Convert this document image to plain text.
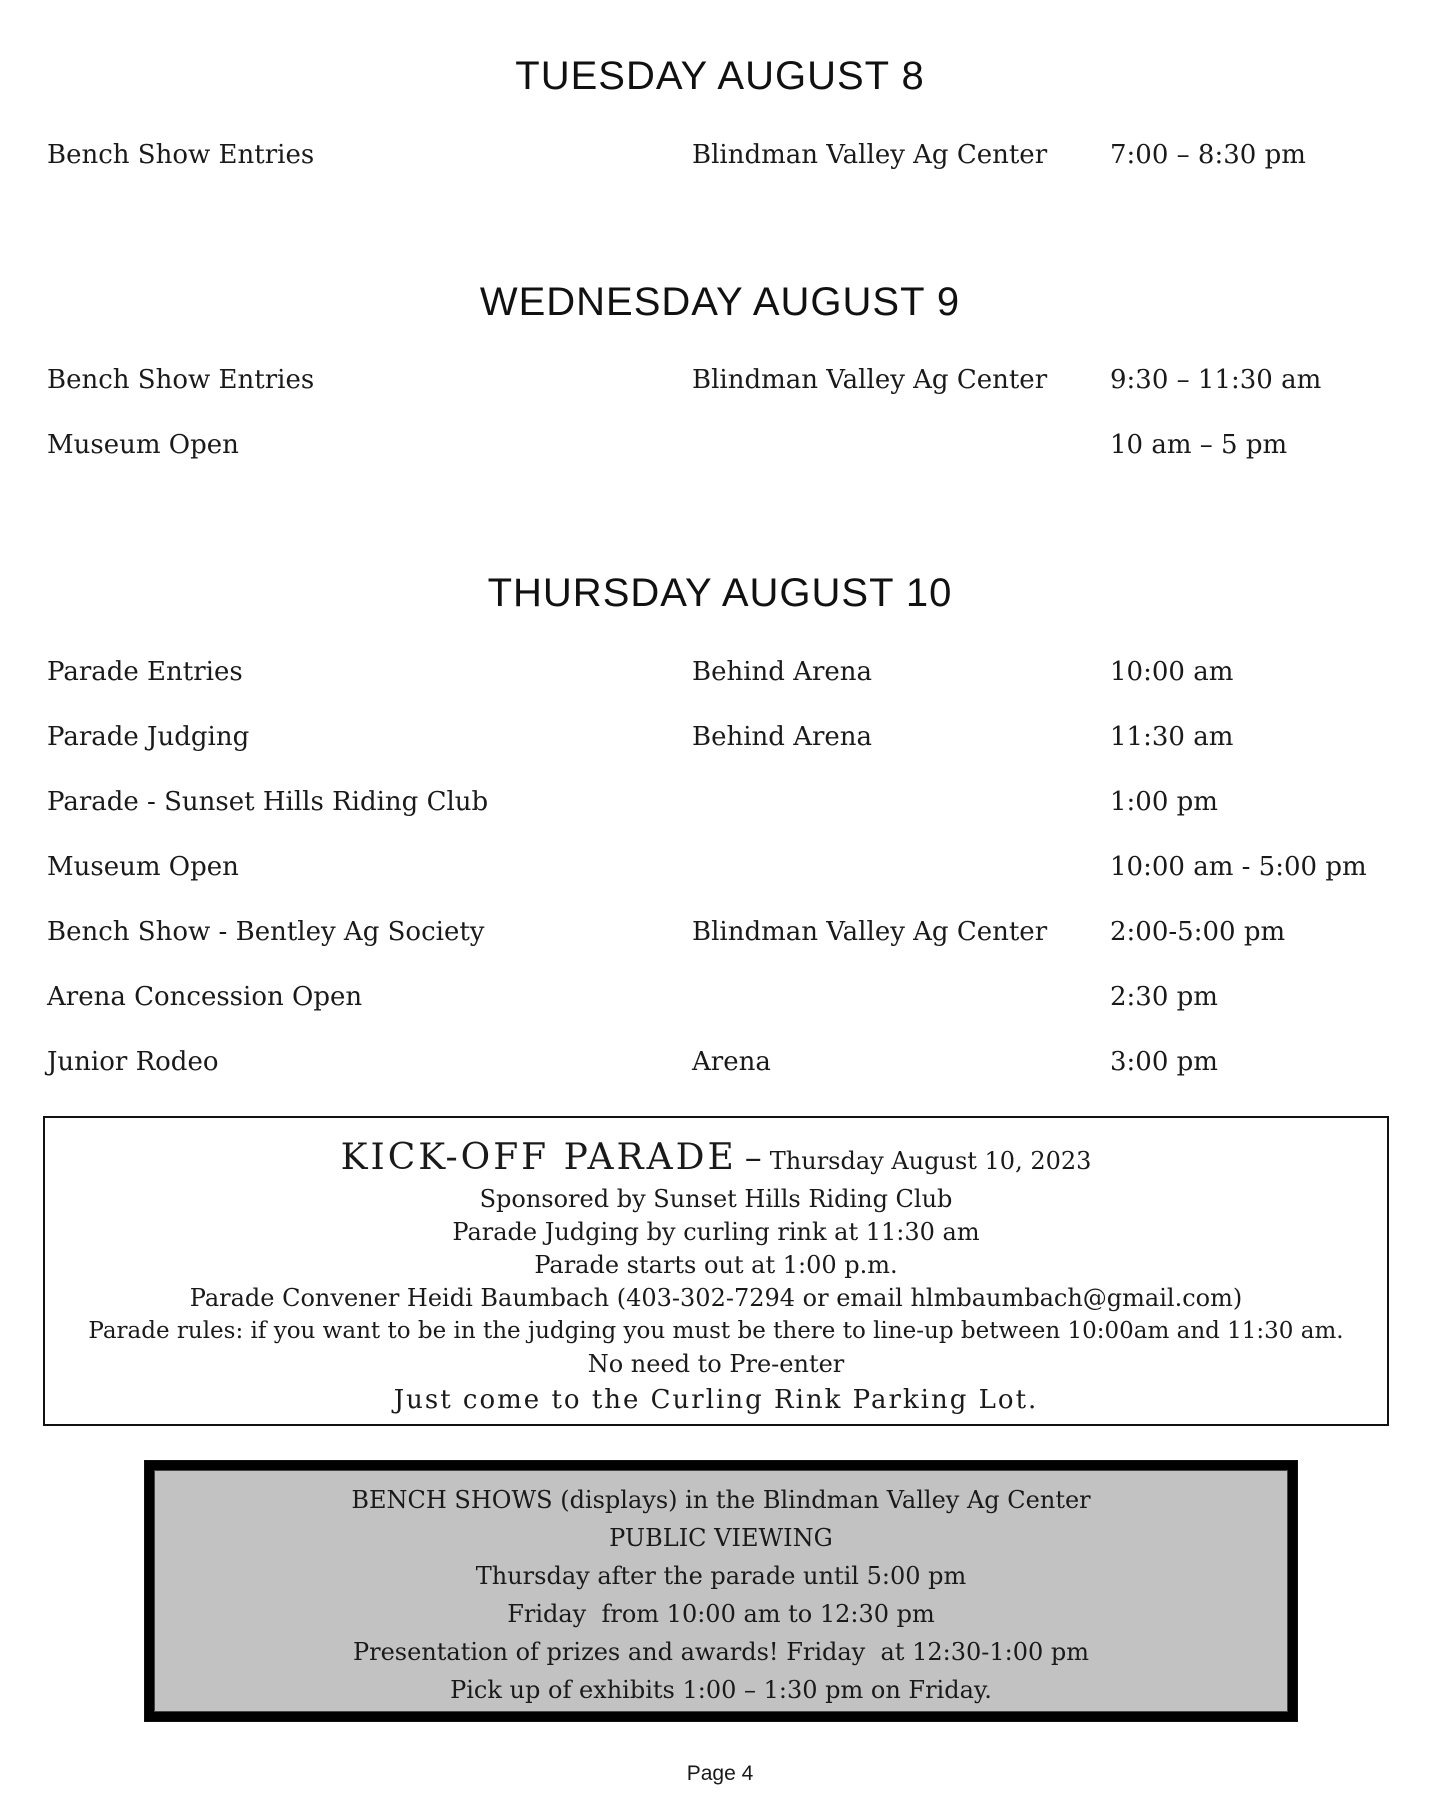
TUESDAY AUGUST 8
Bench Show Entries	Blindman Valley Ag Center 7:00 – 8:30 pm
WEDNESDAY AUGUST 9
Bench Show Entries	Blindman Valley Ag Center 9:30 – 11:30 am
Museum Open	10 am – 5 pm
THURSDAY AUGUST 10
Parade Entries	Behind Arena	10:00 am
Parade Judging	Behind Arena	11:30 am
Parade - Sunset Hills Riding Club	1:00 pm
Museum Open	10:00 am - 5:00 pm
Bench Show - Bentley Ag Society	Blindman Valley Ag Center 2:00-5:00 pm
Arena Concession Open	2:30 pm
Junior Rodeo	Arena	3:00 pm
KICK-OFF PARADE – Thursday August 10, 2023
Sponsored by Sunset Hills Riding Club
Parade Judging by curling rink at 11:30 am
Parade starts out at 1:00 p.m.
Parade Convener Heidi Baumbach (403-302-7294 or email hlmbaumbach@gmail.com)
Parade rules: if you want to be in the judging you must be there to line-up between 10:00am and 11:30 am.
No need to Pre-enter
Just come to the Curling Rink Parking Lot.
BENCH SHOWS (displays) in the Blindman Valley Ag Center
PUBLIC VIEWING
Thursday after the parade until 5:00 pm
Friday  from 10:00 am to 12:30 pm
Presentation of prizes and awards! Friday  at 12:30-1:00 pm
Pick up of exhibits 1:00 – 1:30 pm on Friday.
Page 4
